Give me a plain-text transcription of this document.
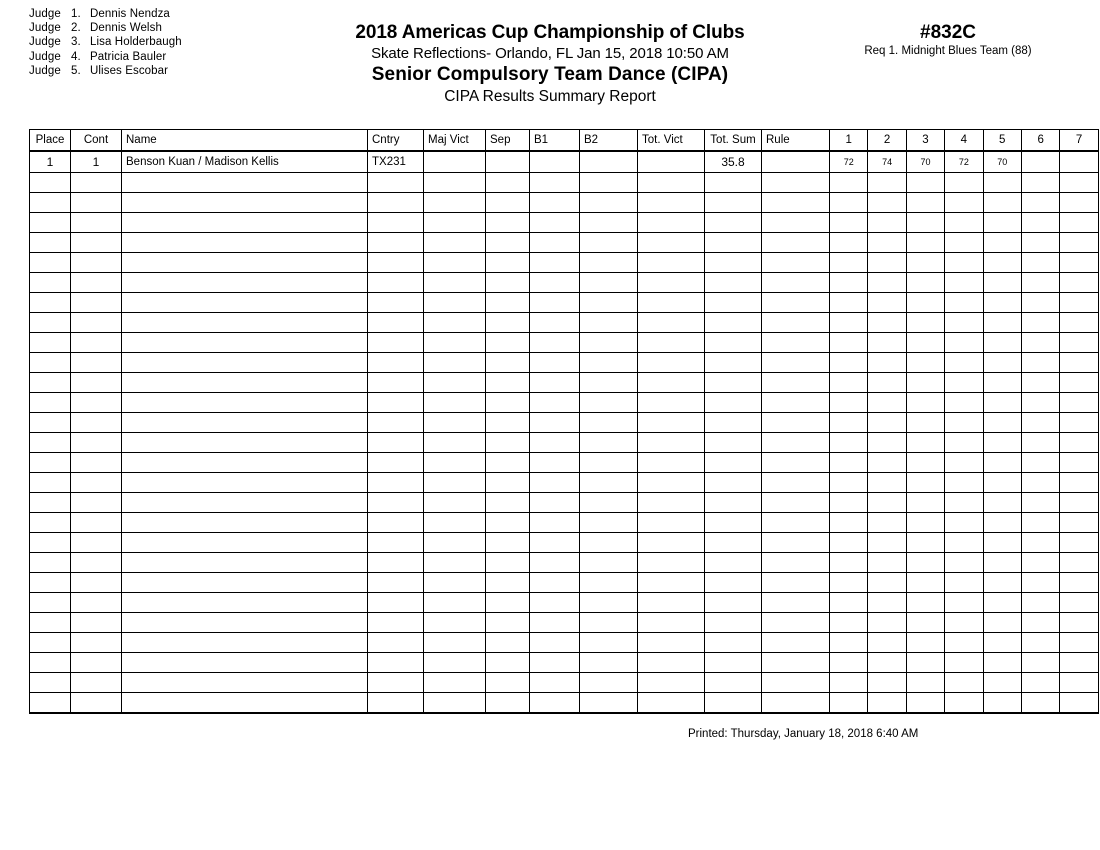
Judge 1. Dennis Nendza
Judge 2. Dennis Welsh
Judge 3. Lisa Holderbaugh
Judge 4. Patricia Bauler
Judge 5. Ulises Escobar
2018 Americas Cup Championship of Clubs
Skate Reflections- Orlando, FL Jan 15, 2018 10:50 AM
Senior Compulsory Team Dance (CIPA)
CIPA Results Summary Report
#832C
Req 1. Midnight Blues Team (88)
Place	Cont	Name	Cntry	Maj Vict	Sep	B1	B2	Tot. Vict	Tot. Sum	Rule	1	2	3	4	5	6	7
1	1	Benson Kuan / Madison Kellis	TX231						35.8		72	74	70	72	70		

Printed: Thursday, January 18, 2018 6:40 AM
